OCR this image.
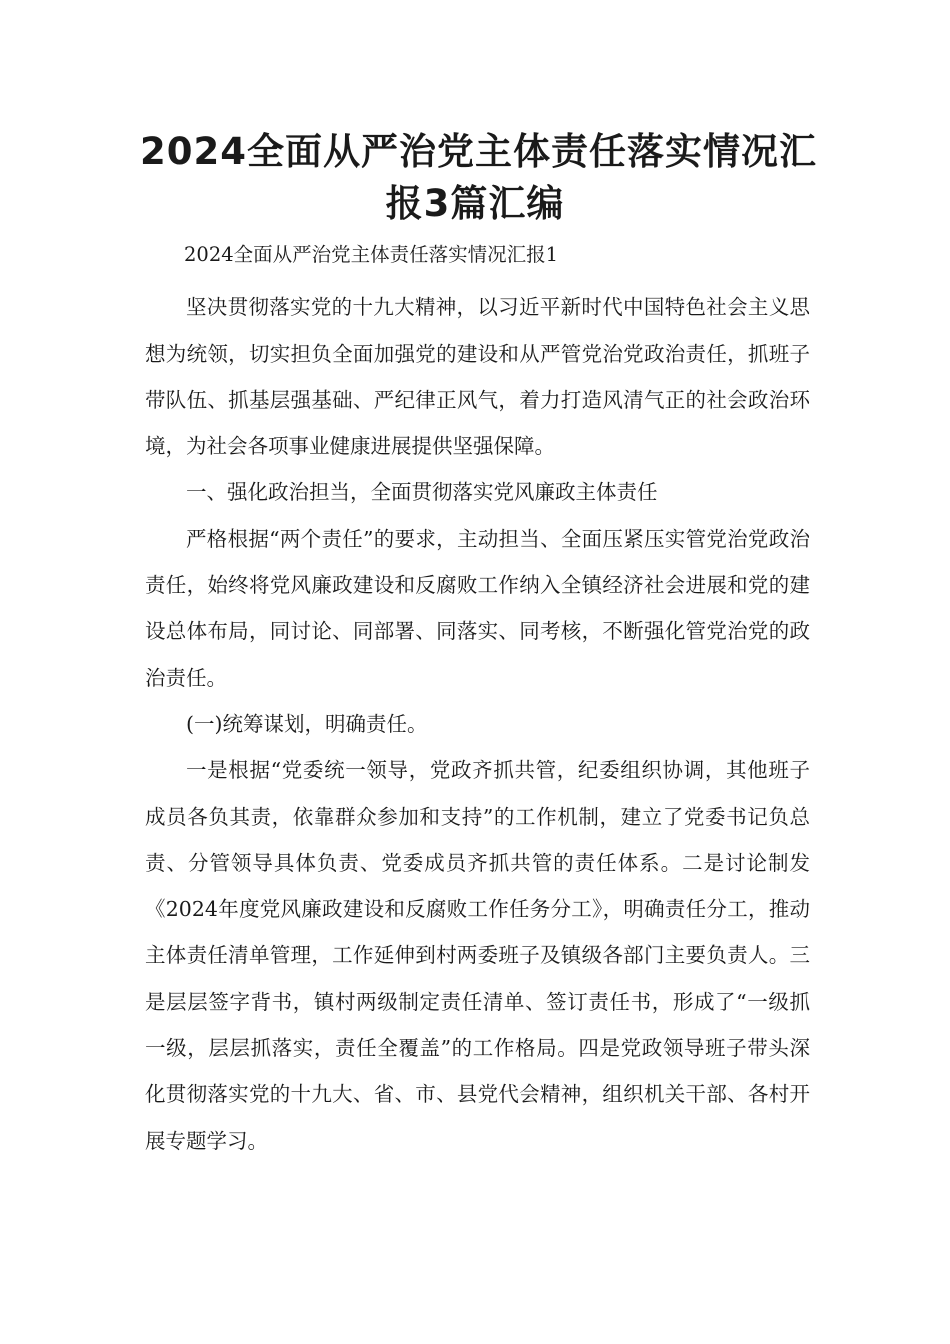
2024全面从严治党主体责任落实情况汇
报3篇汇编

2024全面从严治党主体责任落实情况汇报1

坚决贯彻落实党的十九大精神，以习近平新时代中国特色社会主义思想为统领，切实担负全面加强党的建设和从严管党治党政治责任，抓班子带队伍、抓基层强基础、严纪律正风气，着力打造风清气正的社会政治环境，为社会各项事业健康进展提供坚强保障。

一、强化政治担当，全面贯彻落实党风廉政主体责任

严格根据“两个责任”的要求，主动担当、全面压紧压实管党治党政治责任，始终将党风廉政建设和反腐败工作纳入全镇经济社会进展和党的建设总体布局，同讨论、同部署、同落实、同考核，不断强化管党治党的政治责任。

(一)统筹谋划，明确责任。

一是根据“党委统一领导，党政齐抓共管，纪委组织协调，其他班子成员各负其责，依靠群众参加和支持”的工作机制，建立了党委书记负总责、分管领导具体负责、党委成员齐抓共管的责任体系。二是讨论制发《2024年度党风廉政建设和反腐败工作任务分工》，明确责任分工，推动主体责任清单管理，工作延伸到村两委班子及镇级各部门主要负责人。三是层层签字背书，镇村两级制定责任清单、签订责任书，形成了“一级抓一级，层层抓落实，责任全覆盖”的工作格局。四是党政领导班子带头深化贯彻落实党的十九大、省、市、县党代会精神，组织机关干部、各村开展专题学习。
